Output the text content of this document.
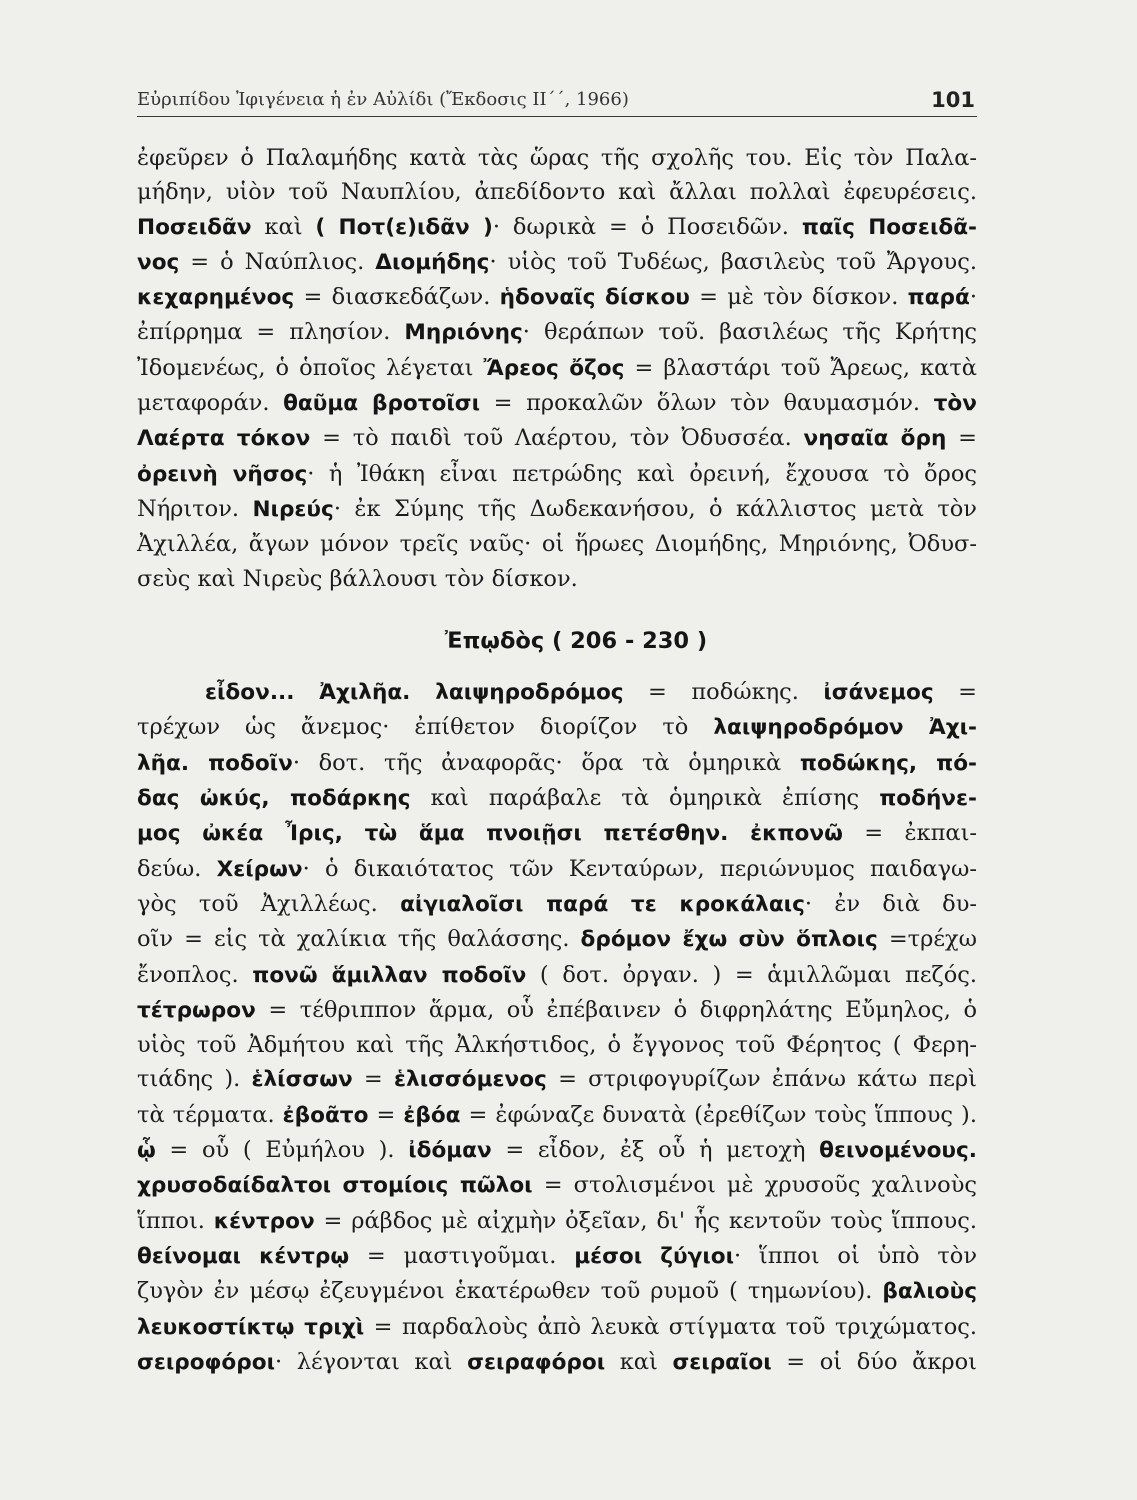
Εὐριπίδου Ἰφιγένεια ἡ ἐν Αὐλίδι (Ἔκδοσις ΙΙ΄΄, 1966)	101
ἐφεῦρεν ὁ Παλαμήδης κατὰ τὰς ὥρας τῆς σχολῆς του. Εἰς τὸν Παλα-
μήδην, υἱὸν τοῦ Ναυπλίου, ἀπεδίδοντο καὶ ἄλλαι πολλαὶ ἐφευρέσεις.
Ποσειδᾶν καὶ ( Ποτ(ε)ιδᾶν )· δωρικὰ = ὁ Ποσειδῶν. παῖς Ποσειδᾶ-
νος = ὁ Ναύπλιος. Διομήδης· υἱὸς τοῦ Τυδέως, βασιλεὺς τοῦ Ἄργους.
κεχαρημένος = διασκεδάζων. ἡδοναῖς δίσκου = μὲ τὸν δίσκον. παρά·
ἐπίρρημα = πλησίον. Μηριόνης· θεράπων τοῦ. βασιλέως τῆς Κρήτης
Ἰδομενέως, ὁ ὁποῖος λέγεται Ἄρεος ὄζος = βλαστάρι τοῦ Ἄρεως, κατὰ
μεταφοράν. θαῦμα βροτοῖσι = προκαλῶν ὅλων τὸν θαυμασμόν. τὸν
Λαέρτα τόκον = τὸ παιδὶ τοῦ Λαέρτου, τὸν Ὀδυσσέα. νησαῖα ὄρη =
ὀρεινὴ νῆσος· ἡ Ἰθάκη εἶναι πετρώδης καὶ ὀρεινή, ἔχουσα τὸ ὄρος
Νήριτον. Νιρεύς· ἐκ Σύμης τῆς Δωδεκανήσου, ὁ κάλλιστος μετὰ τὸν
Ἀχιλλέα, ἄγων μόνον τρεῖς ναῦς· οἱ ἥρωες Διομήδης, Μηριόνης, Ὀδυσ-
σεὺς καὶ Νιρεὺς βάλλουσι τὸν δίσκον.
Ἐπῳδὸς ( 206 - 230 )
εἶδον... Ἀχιλῆα. λαιψηροδρόμος = ποδώκης. ἰσάνεμος =
τρέχων ὡς ἄνεμος· ἐπίθετον διορίζον τὸ λαιψηροδρόμον Ἀχι-
λῆα. ποδοῖν· δοτ. τῆς ἀναφορᾶς· ὅρα τὰ ὁμηρικὰ ποδώκης, πό-
δας ὠκύς, ποδάρκης καὶ παράβαλε τὰ ὁμηρικὰ ἐπίσης ποδήνε-
μος ὠκέα Ἶρις, τὼ ἅμα πνοιῇσι πετέσθην. ἐκπονῶ = ἐκπαι-
δεύω. Χείρων· ὁ δικαιότατος τῶν Κενταύρων, περιώνυμος παιδαγω-
γὸς τοῦ Ἀχιλλέως. αἰγιαλοῖσι παρά τε κροκάλαις· ἐν διὰ δυ-
οῖν = εἰς τὰ χαλίκια τῆς θαλάσσης. δρόμον ἔχω σὺν ὅπλοις =τρέχω
ἔνοπλος. πονῶ ἅμιλλαν ποδοῖν ( δοτ. ὀργαν. ) = ἁμιλλῶμαι πεζός.
τέτρωρον = τέθριππον ἅρμα, οὗ ἐπέβαινεν ὁ διφρηλάτης Εὔμηλος, ὁ
υἱὸς τοῦ Ἀδμήτου καὶ τῆς Ἀλκήστιδος, ὁ ἔγγονος τοῦ Φέρητος ( Φερη-
τιάδης ). ἑλίσσων = ἑλισσόμενος = στριφογυρίζων ἐπάνω κάτω περὶ
τὰ τέρματα. ἐβοᾶτο = ἐβόα = ἐφώναζε δυνατὰ (ἐρεθίζων τοὺς ἵππους ).
ᾧ = οὗ ( Εὐμήλου ). ἰδόμαν = εἶδον, ἐξ οὗ ἡ μετοχὴ θεινομένους.
χρυσοδαίδαλτοι στομίοις πῶλοι = στολισμένοι μὲ χρυσοῦς χαλινοὺς
ἵπποι. κέντρον = ράβδος μὲ αἰχμὴν ὀξεῖαν, δι' ἧς κεντοῦν τοὺς ἵππους.
θείνομαι κέντρῳ = μαστιγοῦμαι. μέσοι ζύγιοι· ἵπποι οἱ ὑπὸ τὸν
ζυγὸν ἐν μέσῳ ἐζευγμένοι ἑκατέρωθεν τοῦ ρυμοῦ ( τημωνίου). βαλιοὺς
λευκοστίκτῳ τριχὶ = παρδαλοὺς ἀπὸ λευκὰ στίγματα τοῦ τριχώματος.
σειροφόροι· λέγονται καὶ σειραφόροι καὶ σειραῖοι = οἱ δύο ἄκροι
